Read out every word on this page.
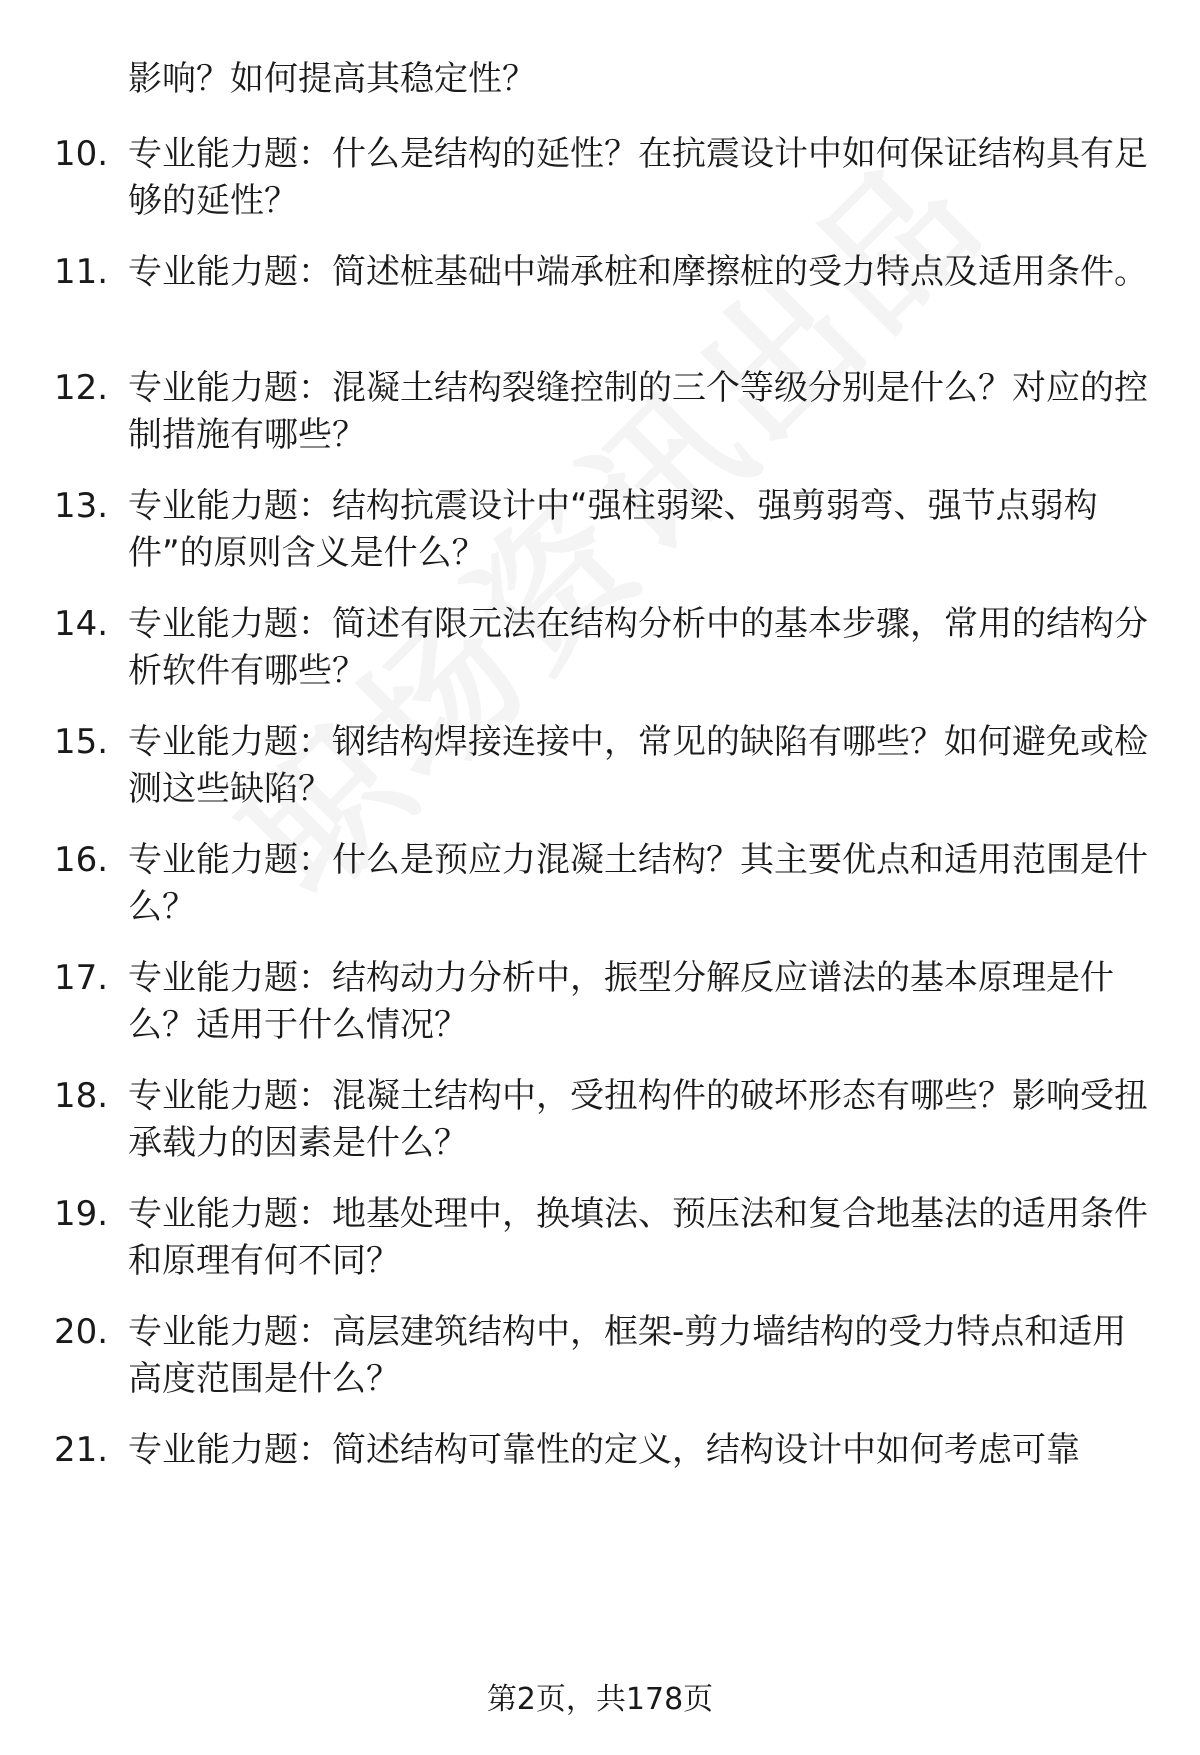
影响？如何提高其稳定性？
10. 专业能力题：什么是结构的延性？在抗震设计中如何保证结构具有足够的延性？
11. 专业能力题：简述桩基础中端承桩和摩擦桩的受力特点及适用条件。
12. 专业能力题：混凝土结构裂缝控制的三个等级分别是什么？对应的控制措施有哪些？
13. 专业能力题：结构抗震设计中“强柱弱梁、强剪弱弯、强节点弱构件”的原则含义是什么？
14. 专业能力题：简述有限元法在结构分析中的基本步骤，常用的结构分析软件有哪些？
15. 专业能力题：钢结构焊接连接中，常见的缺陷有哪些？如何避免或检测这些缺陷？
16. 专业能力题：什么是预应力混凝土结构？其主要优点和适用范围是什么？
17. 专业能力题：结构动力分析中，振型分解反应谱法的基本原理是什么？适用于什么情况？
18. 专业能力题：混凝土结构中，受扭构件的破坏形态有哪些？影响受扭承载力的因素是什么？
19. 专业能力题：地基处理中，换填法、预压法和复合地基法的适用条件和原理有何不同？
20. 专业能力题：高层建筑结构中，框架-剪力墙结构的受力特点和适用高度范围是什么？
21. 专业能力题：简述结构可靠性的定义，结构设计中如何考虑可靠
第2页，共178页
